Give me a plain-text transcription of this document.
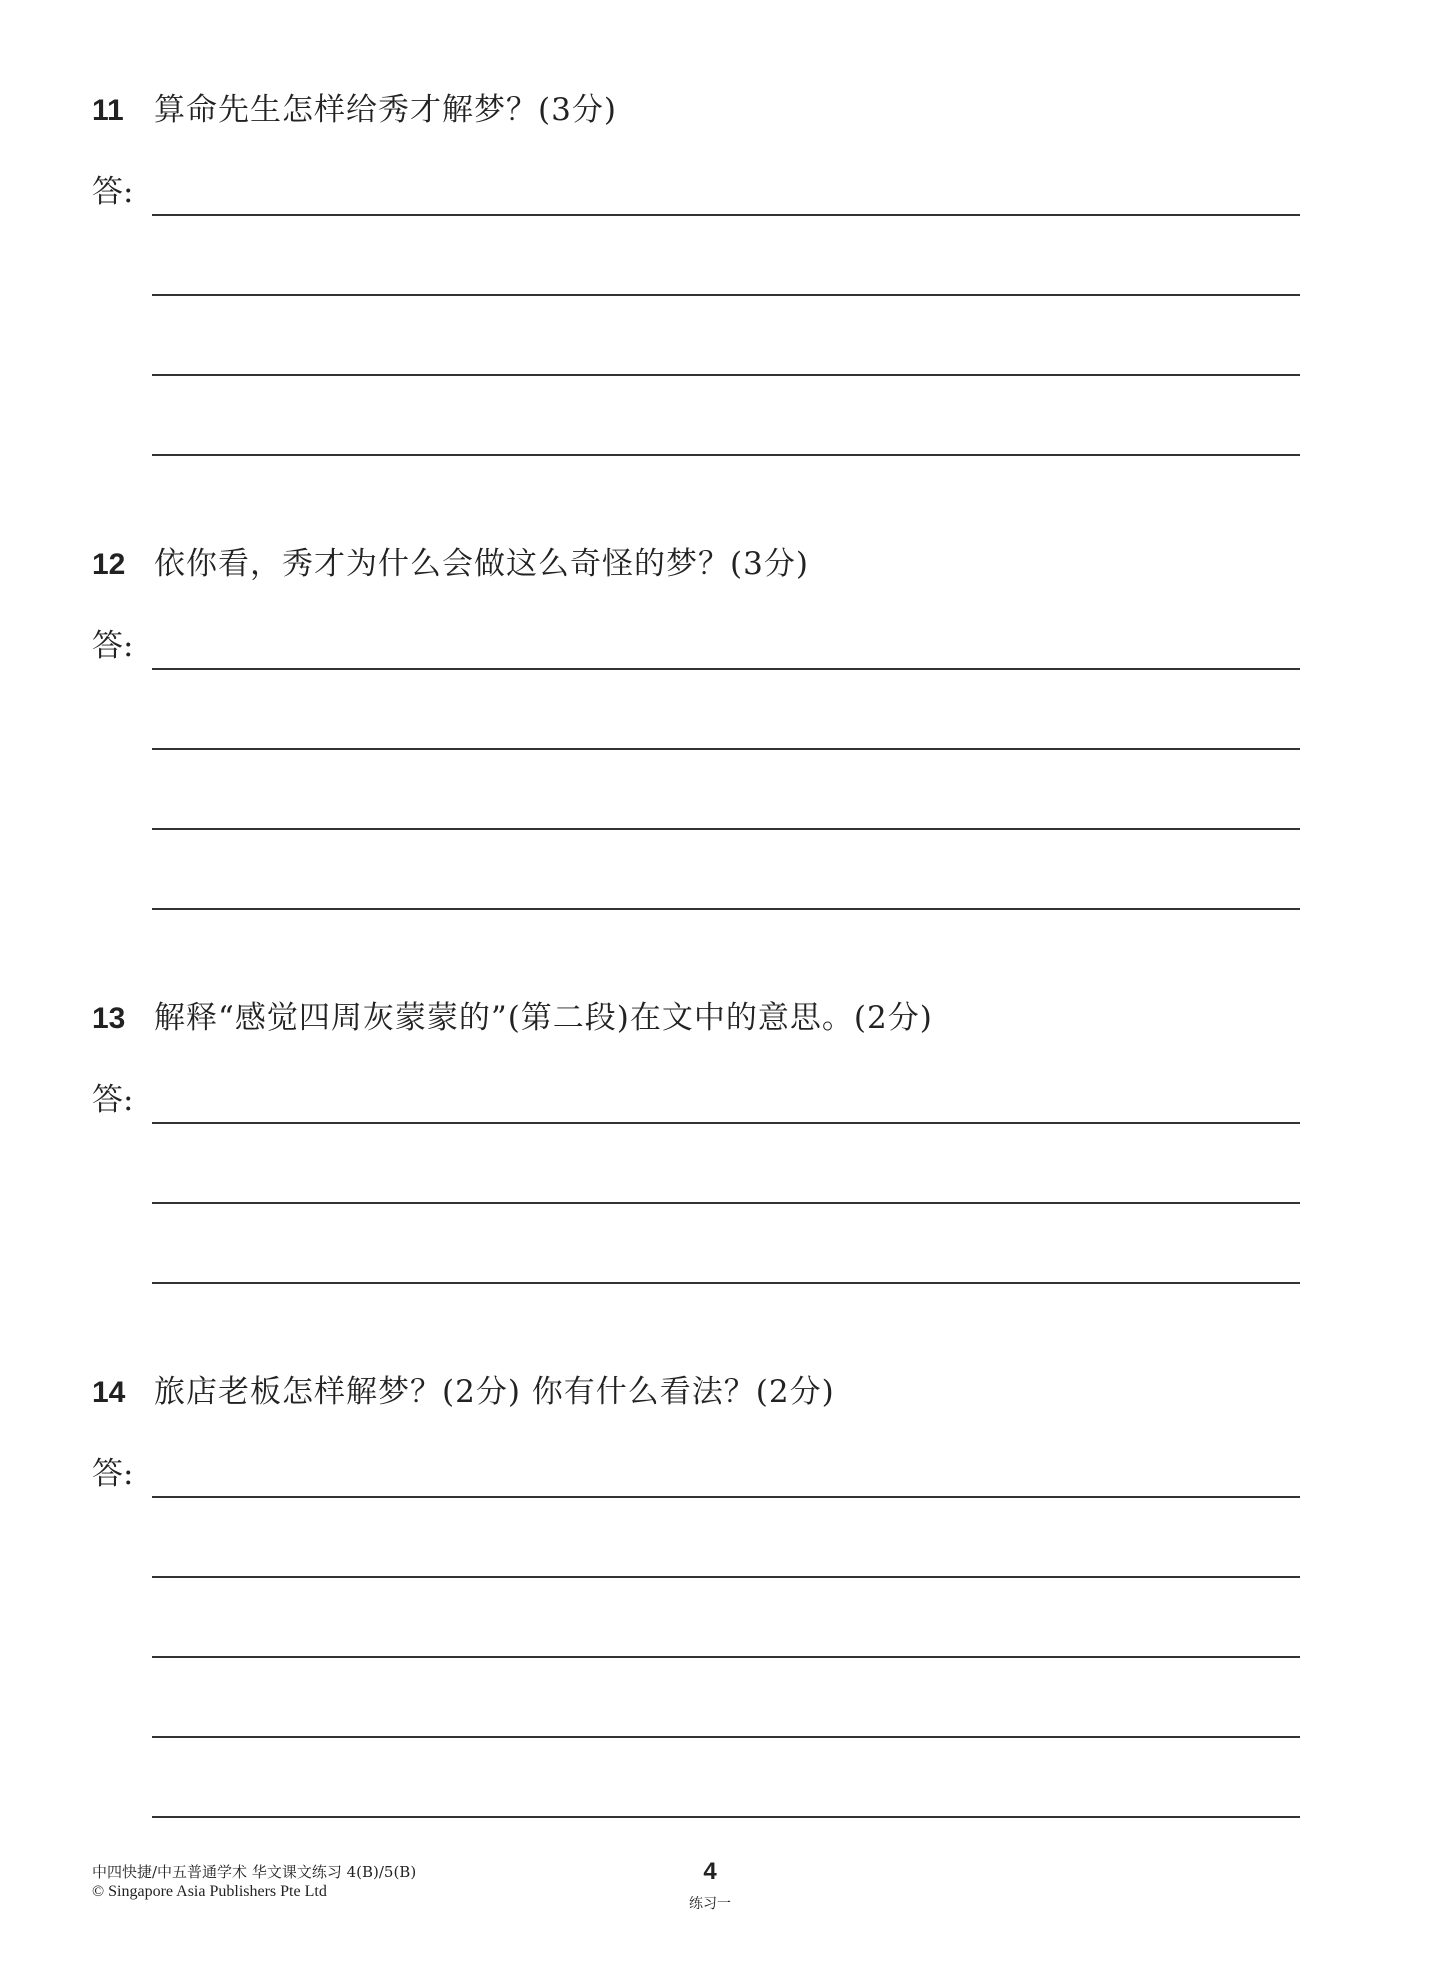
11 算命先生怎样给秀才解梦？(3分)
答:
12 依你看，秀才为什么会做这么奇怪的梦？(3分)
答:
13 解释“感觉四周灰蒙蒙的”(第二段)在文中的意思。(2分)
答:
14 旅店老板怎样解梦？(2分) 你有什么看法？(2分)
答:
中四快捷/中五普通学术 华文课文练习 4(B)/5(B)
© Singapore Asia Publishers Pte Ltd
4
练习一
